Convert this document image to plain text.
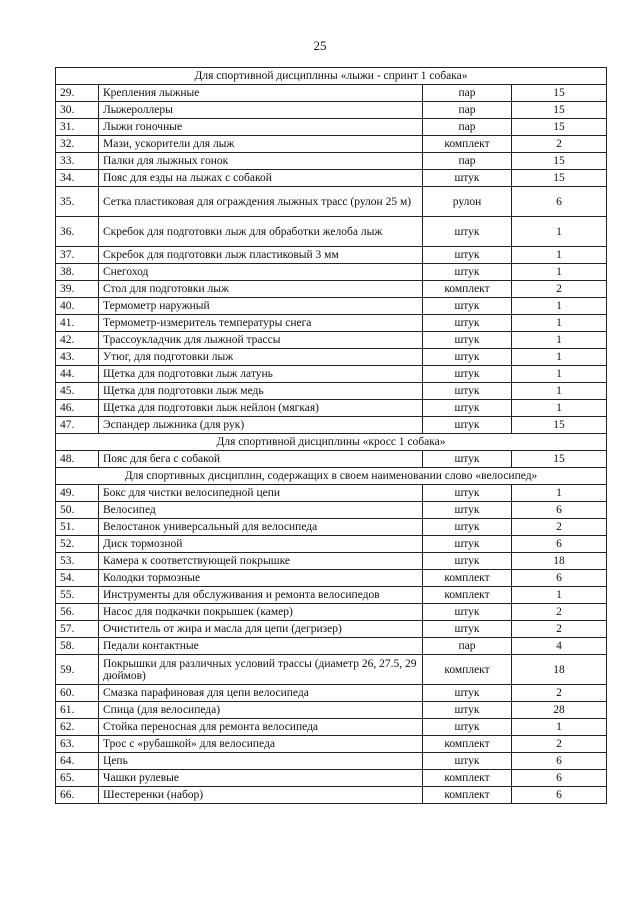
25
Для спортивной дисциплины «лыжи - спринт 1 собака»			
29.	Крепления лыжные	пар	15
30.	Лыжероллеры	пар	15
31.	Лыжи гоночные	пар	15
32.	Мази, ускорители для лыж	комплект	2
33.	Палки для лыжных гонок	пар	15
34.	Пояс для езды на лыжах с собакой	штук	15
35.	Сетка пластиковая для ограждения лыжных трасс (рулон 25 м)	рулон	6
36.	Скребок для подготовки лыж для обработки желоба лыж	штук	1
37.	Скребок для подготовки лыж пластиковый 3 мм	штук	1
38.	Снегоход	штук	1
39.	Стол для подготовки лыж	комплект	2
40.	Термометр наружный	штук	1
41.	Термометр-измеритель температуры снега	штук	1
42.	Трассоукладчик для лыжной трассы	штук	1
43.	Утюг, для подготовки лыж	штук	1
44.	Щетка для подготовки лыж латунь	штук	1
45.	Щетка для подготовки лыж медь	штук	1
46.	Щетка для подготовки лыж нейлон (мягкая)	штук	1
47.	Эспандер лыжника (для рук)	штук	15
Для спортивной дисциплины «кросс 1 собака»			
48.	Пояс для бега с собакой	штук	15
Для спортивных дисциплин, содержащих в своем наименовании слово «велосипед»			
49.	Бокс для чистки велосипедной цепи	штук	1
50.	Велосипед	штук	6
51.	Велостанок универсальный для велосипеда	штук	2
52.	Диск тормозной	штук	6
53.	Камера к соответствующей покрышке	штук	18
54.	Колодки тормозные	комплект	6
55.	Инструменты для обслуживания и ремонта велосипедов	комплект	1
56.	Насос для подкачки покрышек (камер)	штук	2
57.	Очиститель от жира и масла для цепи (дегризер)	штук	2
58.	Педали контактные	пар	4
59.	Покрышки для различных условий трассы (диаметр 26, 27.5, 29 дюймов)	комплект	18
60.	Смазка парафиновая для цепи велосипеда	штук	2
61.	Спица (для велосипеда)	штук	28
62.	Стойка переносная для ремонта велосипеда	штук	1
63.	Трос с «рубашкой» для велосипеда	комплект	2
64.	Цепь	штук	6
65.	Чашки рулевые	комплект	6
66.	Шестеренки (набор)	комплект	6
